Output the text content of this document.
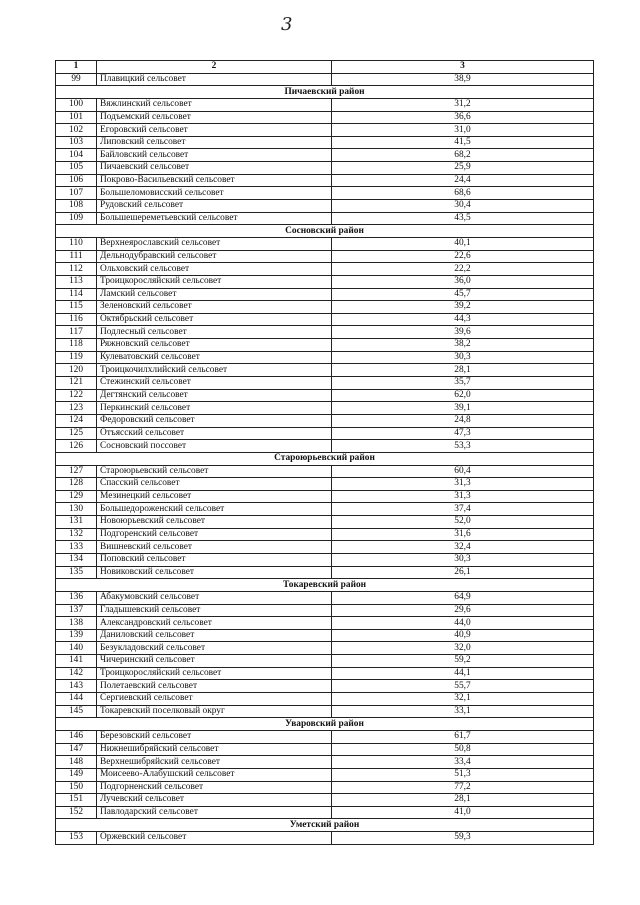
3
1	2	3
99	Плавицкий сельсовет	38,9
Пичаевский район		
100	Вяжлинский сельсовет	31,2
101	Подъемский сельсовет	36,6
102	Егоровский сельсовет	31,0
103	Липовский сельсовет	41,5
104	Байловский сельсовет	68,2
105	Пичаевский сельсовет	25,9
106	Покрово-Васильевский сельсовет	24,4
107	Большеломовисский сельсовет	68,6
108	Рудовский сельсовет	30,4
109	Большешереметьевский сельсовет	43,5
Сосновский район		
110	Верхнеярославский сельсовет	40,1
111	Дельнодубравский сельсовет	22,6
112	Ольховский сельсовет	22,2
113	Троицкоросляйский сельсовет	36,0
114	Ламский сельсовет	45,7
115	Зеленовский сельсовет	39,2
116	Октябрьский сельсовет	44,3
117	Подлесный сельсовет	39,6
118	Ряжновский сельсовет	38,2
119	Кулеватовский сельсовет	30,3
120	Троицкочилхлийский сельсовет	28,1
121	Стежинский сельсовет	35,7
122	Дегтянский сельсовет	62,0
123	Перкинский сельсовет	39,1
124	Федоровский сельсовет	24,8
125	Отъясский сельсовет	47,3
126	Сосновский поссовет	53,3
Староюрьевский район		
127	Староюрьевский сельсовет	60,4
128	Спасский сельсовет	31,3
129	Мезинецкий сельсовет	31,3
130	Большедороженский сельсовет	37,4
131	Новоюрьевский сельсовет	52,0
132	Подгоренский сельсовет	31,6
133	Вишневский сельсовет	32,4
134	Поповский сельсовет	30,3
135	Новиковский сельсовет	26,1
Токаревский район		
136	Абакумовский сельсовет	64,9
137	Гладышевский сельсовет	29,6
138	Александровский сельсовет	44,0
139	Даниловский сельсовет	40,9
140	Безукладовский сельсовет	32,0
141	Чичеринский сельсовет	59,2
142	Троицкоросляйский сельсовет	44,1
143	Полетаевский сельсовет	55,7
144	Сергиевский сельсовет	32,1
145	Токаревский поселковый округ	33,1
Уваровский район		
146	Березовский сельсовет	61,7
147	Нижнешибряйский сельсовет	50,8
148	Верхнешибряйский сельсовет	33,4
149	Моисеево-Алабушский сельсовет	51,3
150	Подгорненский сельсовет	77,2
151	Лучевский сельсовет	28,1
152	Павлодарский сельсовет	41,0
Уметский район		
153	Оржевский сельсовет	59,3
